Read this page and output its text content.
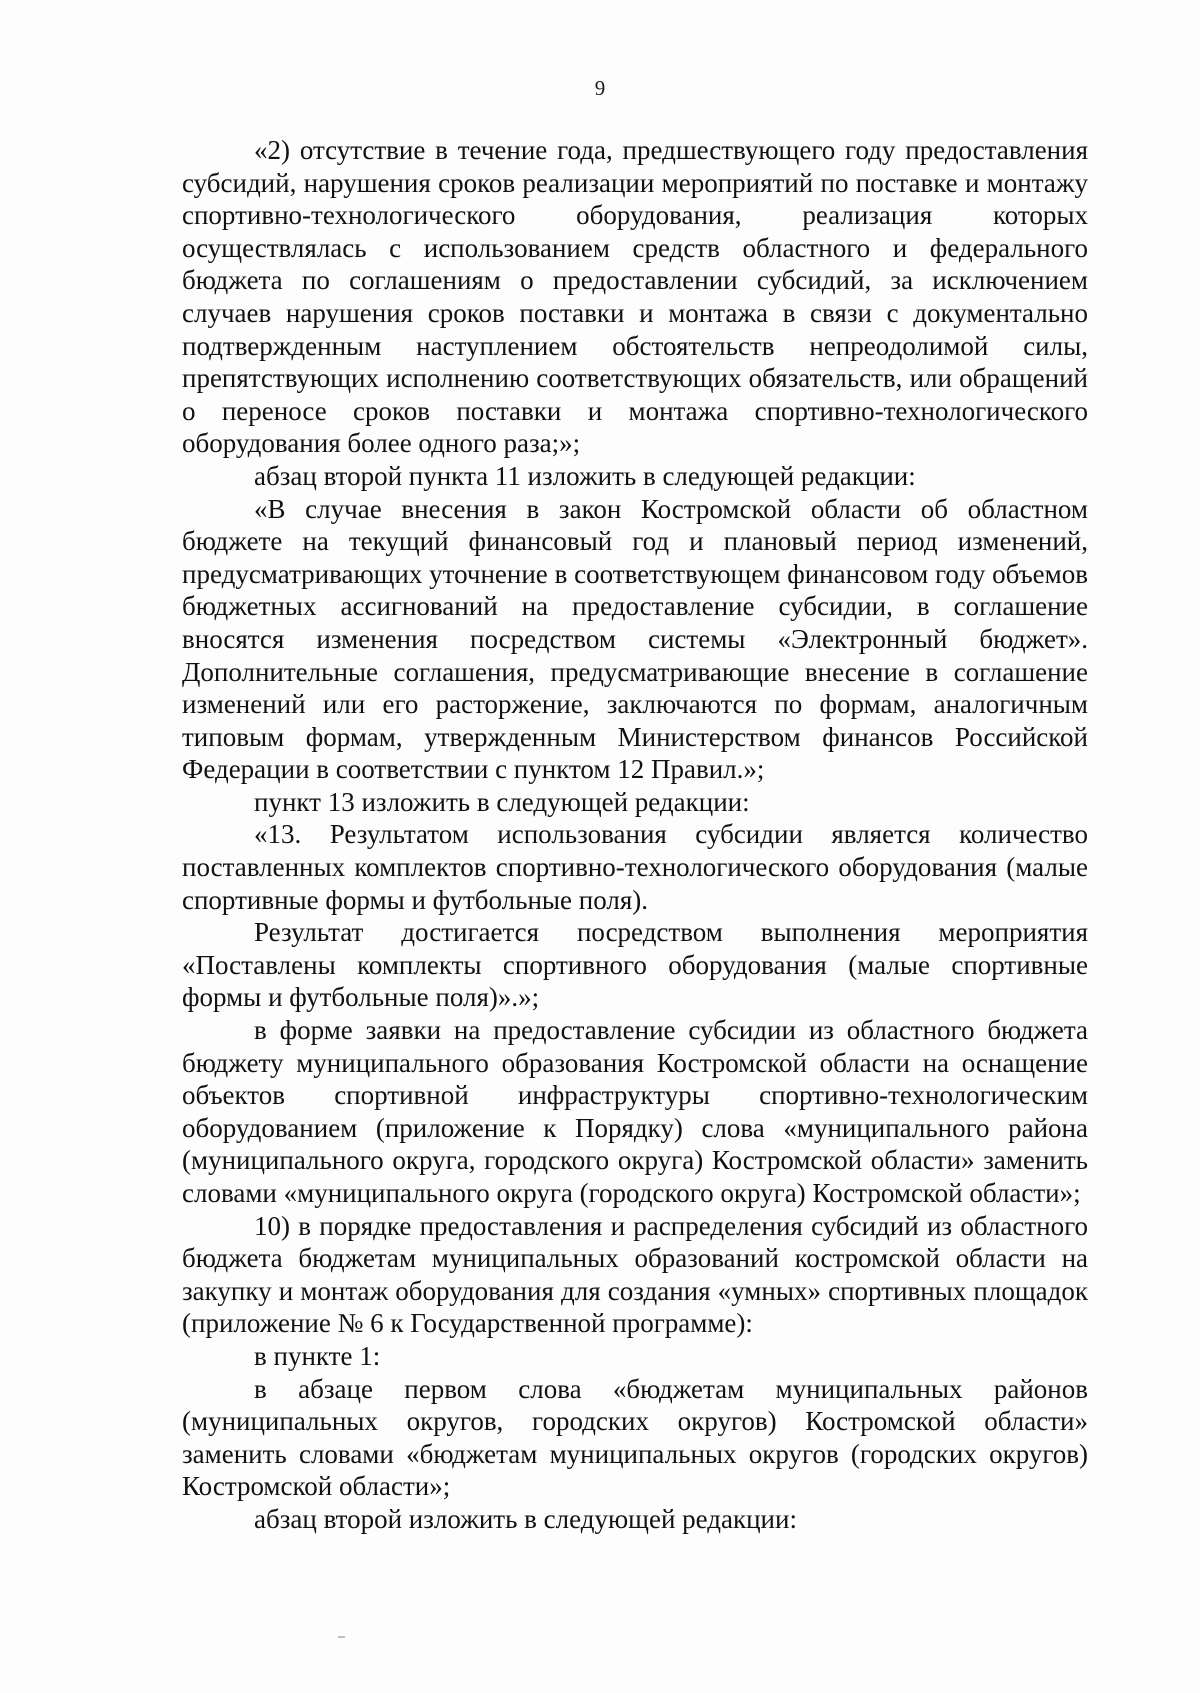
9

«2) отсутствие в течение года, предшествующего году предоставления субсидий, нарушения сроков реализации мероприятий по поставке и монтажу спортивно-технологического оборудования, реализация которых осуществлялась с использованием средств областного и федерального бюджета по соглашениям о предоставлении субсидий, за исключением случаев нарушения сроков поставки и монтажа в связи с документально подтвержденным наступлением обстоятельств непреодолимой силы, препятствующих исполнению соответствующих обязательств, или обращений о переносе сроков поставки и монтажа спортивно-технологического оборудования более одного раза;»;

абзац второй пункта 11 изложить в следующей редакции:

«В случае внесения в закон Костромской области об областном бюджете на текущий финансовый год и плановый период изменений, предусматривающих уточнение в соответствующем финансовом году объемов бюджетных ассигнований на предоставление субсидии, в соглашение вносятся изменения посредством системы «Электронный бюджет». Дополнительные соглашения, предусматривающие внесение в соглашение изменений или его расторжение, заключаются по формам, аналогичным типовым формам, утвержденным Министерством финансов Российской Федерации в соответствии с пунктом 12 Правил.»;

пункт 13 изложить в следующей редакции:

«13. Результатом использования субсидии является количество поставленных комплектов спортивно-технологического оборудования (малые спортивные формы и футбольные поля).

Результат достигается посредством выполнения мероприятия «Поставлены комплекты спортивного оборудования (малые спортивные формы и футбольные поля)».»;

в форме заявки на предоставление субсидии из областного бюджета бюджету муниципального образования Костромской области на оснащение объектов спортивной инфраструктуры спортивно-технологическим оборудованием (приложение к Порядку) слова «муниципального района (муниципального округа, городского округа) Костромской области» заменить словами «муниципального округа (городского округа) Костромской области»;

10) в порядке предоставления и распределения субсидий из областного бюджета бюджетам муниципальных образований костромской области на закупку и монтаж оборудования для создания «умных» спортивных площадок (приложение № 6 к Государственной программе):

в пункте 1:

в абзаце первом слова «бюджетам муниципальных районов (муниципальных округов, городских округов) Костромской области» заменить словами «бюджетам муниципальных округов (городских округов) Костромской области»;

абзац второй изложить в следующей редакции:
